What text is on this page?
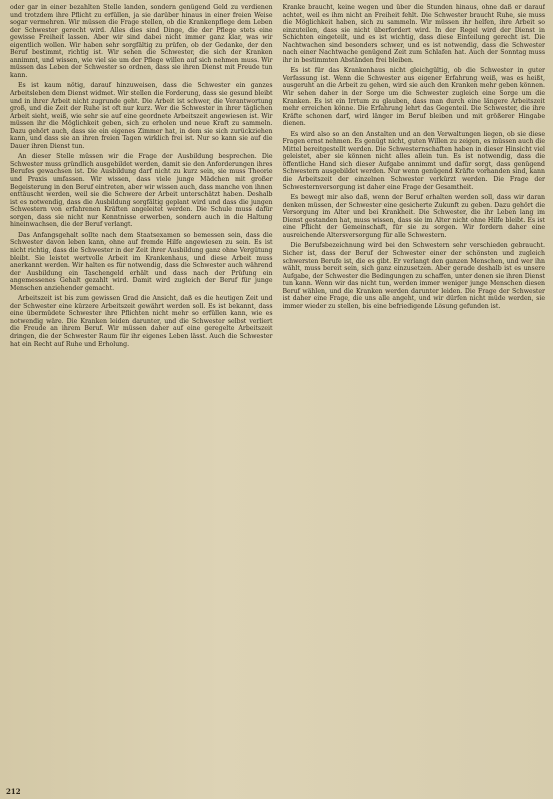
oder gar in einer bezahlten Stelle landen, sondern genügend Geld zu verdienen und trotzdem ihre Pflicht zu erfüllen, ja sie darüber hinaus in einer freien Weise sogar vermehren. Wir müssen die Frage stellen, ob die Krankenpflege dem Leben der Schwester gerecht wird. Alles dies sind Dinge, die der Pflege stets eine gewisse Freiheit lassen. Aber wir sind dabei nicht immer ganz klar, was wir eigentlich wollen. Wir haben sehr sorgfältig zu prüfen, ob der Gedanke, der den Beruf bestimmt, richtig ist. Wir sehen die Schwester, die sich der Kranken annimmt, und wissen, wie viel sie um der Pflege willen auf sich nehmen muss. Wir müssen das Leben der Schwester so ordnen, dass sie ihren Dienst mit Freude tun kann.

Es ist kaum nötig, darauf hinzuweisen, dass die Schwester ein ganzes Arbeitsleben dem Dienst widmet. Wir stellen die Forderung, dass sie gesund bleibt und in ihrer Arbeit nicht zugrunde geht. Die Arbeit ist schwer, die Verantwortung groß, und die Zeit der Ruhe ist oft nur kurz. Wer die Schwester in ihrer täglichen Arbeit sieht, weiß, wie sehr sie auf eine geordnete Arbeitszeit angewiesen ist. Wir müssen ihr die Möglichkeit geben, sich zu erholen und neue Kraft zu sammeln. Dazu gehört auch, dass sie ein eigenes Zimmer hat, in dem sie sich zurückziehen kann, und dass sie an ihren freien Tagen wirklich frei ist. Nur so kann sie auf die Dauer ihren Dienst tun.

An dieser Stelle müssen wir die Frage der Ausbildung besprechen. Die Schwester muss gründlich ausgebildet werden, damit sie den Anforderungen ihres Berufes gewachsen ist. Die Ausbildung darf nicht zu kurz sein, sie muss Theorie und Praxis umfassen. Wir wissen, dass viele junge Mädchen mit großer Begeisterung in den Beruf eintreten, aber wir wissen auch, dass manche von ihnen enttäuscht werden, weil sie die Schwere der Arbeit unterschätzt haben. Deshalb ist es notwendig, dass die Ausbildung sorgfältig geplant wird und dass die jungen Schwestern von erfahrenen Kräften angeleitet werden. Die Schule muss dafür sorgen, dass sie nicht nur Kenntnisse erwerben, sondern auch in die Haltung hineinwachsen, die der Beruf verlangt.

Das Anfangsgehalt sollte nach dem Staatsexamen so bemessen sein, dass die Schwester davon leben kann, ohne auf fremde Hilfe angewiesen zu sein. Es ist nicht richtig, dass die Schwester in der Zeit ihrer Ausbildung ganz ohne Vergütung bleibt. Sie leistet wertvolle Arbeit im Krankenhaus, und diese Arbeit muss anerkannt werden. Wir halten es für notwendig, dass die Schwester auch während der Ausbildung ein Taschengeld erhält und dass nach der Prüfung ein angemessenes Gehalt gezahlt wird. Damit wird zugleich der Beruf für junge Menschen anziehender gemacht.

Arbeitszeit ist bis zum gewissen Grad die Ansicht, daß es die heutigen Zeit und der Schwester eine kürzere Arbeitszeit gewährt werden soll. Es ist bekannt, dass eine übermüdete Schwester ihre Pflichten nicht mehr so erfüllen kann, wie es notwendig wäre. Die Kranken leiden darunter, und die Schwester selbst verliert die Freude an ihrem Beruf. Wir müssen daher auf eine geregelte Arbeitszeit dringen, die der Schwester Raum für ihr eigenes Leben lässt. Auch die Schwester hat ein Recht auf Ruhe und Erholung.

Kranke braucht, keine wegen und über die Stunden hinaus, ohne daß er darauf achtet, weil es ihm nicht an Freiheit fehlt. Die Schwester braucht Ruhe, sie muss die Möglichkeit haben, sich zu sammeln. Wir müssen ihr helfen, ihre Arbeit so einzuteilen, dass sie nicht überfordert wird. In der Regel wird der Dienst in Schichten eingeteilt, und es ist wichtig, dass diese Einteilung gerecht ist. Die Nachtwachen sind besonders schwer, und es ist notwendig, dass die Schwester nach einer Nachtwache genügend Zeit zum Schlafen hat. Auch der Sonntag muss ihr in bestimmten Abständen frei bleiben.

Es ist für das Krankenhaus nicht gleichgültig, ob die Schwester in guter Verfassung ist. Wenn die Schwester aus eigener Erfahrung weiß, was es heißt, ausgeruht an die Arbeit zu gehen, wird sie auch den Kranken mehr geben können. Wir sehen daher in der Sorge um die Schwester zugleich eine Sorge um die Kranken. Es ist ein Irrtum zu glauben, dass man durch eine längere Arbeitszeit mehr erreichen könne. Die Erfahrung lehrt das Gegenteil. Die Schwester, die ihre Kräfte schonen darf, wird länger im Beruf bleiben und mit größerer Hingabe dienen.

Es wird also so an den Anstalten und an den Verwaltungen liegen, ob sie diese Fragen ernst nehmen. Es genügt nicht, guten Willen zu zeigen, es müssen auch die Mittel bereitgestellt werden. Die Schwesternschaften haben in dieser Hinsicht viel geleistet, aber sie können nicht alles allein tun. Es ist notwendig, dass die öffentliche Hand sich dieser Aufgabe annimmt und dafür sorgt, dass genügend Schwestern ausgebildet werden. Nur wenn genügend Kräfte vorhanden sind, kann die Arbeitszeit der einzelnen Schwester verkürzt werden. Die Frage der Schwesternversorgung ist daher eine Frage der Gesamtheit.

Es bewegt mir also daß, wenn der Beruf erhalten werden soll, dass wir daran denken müssen, der Schwester eine gesicherte Zukunft zu geben. Dazu gehört die Versorgung im Alter und bei Krankheit. Die Schwester, die ihr Leben lang im Dienst gestanden hat, muss wissen, dass sie im Alter nicht ohne Hilfe bleibt. Es ist eine Pflicht der Gemeinschaft, für sie zu sorgen. Wir fordern daher eine ausreichende Altersversorgung für alle Schwestern.

Die Berufsbezeichnung wird bei den Schwestern sehr verschieden gebraucht. Sicher ist, dass der Beruf der Schwester einer der schönsten und zugleich schwersten Berufe ist, die es gibt. Er verlangt den ganzen Menschen, und wer ihn wählt, muss bereit sein, sich ganz einzusetzen. Aber gerade deshalb ist es unsere Aufgabe, der Schwester die Bedingungen zu schaffen, unter denen sie ihren Dienst tun kann. Wenn wir das nicht tun, werden immer weniger junge Menschen diesen Beruf wählen, und die Kranken werden darunter leiden. Die Frage der Schwester ist daher eine Frage, die uns alle angeht, und wir dürfen nicht müde werden, sie immer wieder zu stellen, bis eine befriedigende Lösung gefunden ist.

212
